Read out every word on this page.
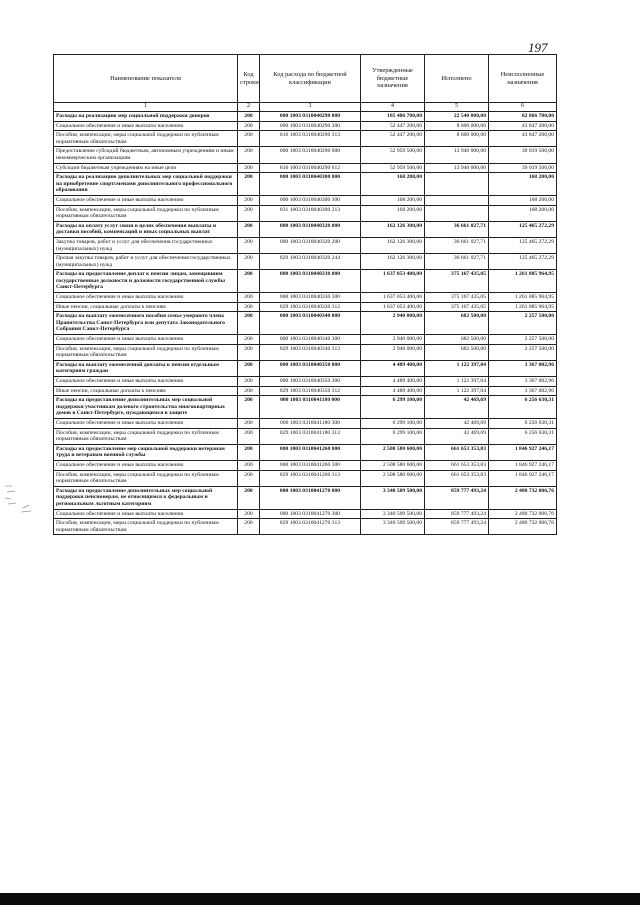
197
Наименование показателя	Код строки	Код расхода по бюджетной классификации	Утвержденные бюджетные назначения	Исполнено	Неисполненные назначения
1	2	3	4	5	6
Расходы на реализацию мер социальной поддержки доноров	200	000 1003 0310040290 000	105 406 700,00	22 540 000,00	82 866 700,00
Социальное обеспечение и иные выплаты населению	200	000 1003 0310040290 300	52 447 200,00	8 600 000,00	43 847 200,00
Пособия, компенсации, меры социальной поддержки по публичным нормативным обязательствам	200	816 1003 0310040290 313	52 447 200,00	8 600 000,00	43 847 200,00
Предоставление субсидий бюджетным, автономным учреждениям и иным некоммерческим организациям	200	000 1003 0310040290 600	52 959 500,00	13 940 000,00	39 019 500,00
Субсидии бюджетным учреждениям на иные цели	200	816 1003 0310040290 612	52 959 500,00	13 940 000,00	39 019 500,00
Расходы на реализацию дополнительных мер социальной поддержки на приобретение спортсменами дополнительного профессионального образования	200	000 1003 0310040300 000	168 200,00		168 200,00
Социальное обеспечение и иные выплаты населению	200	000 1003 0310040300 300	168 200,00		168 200,00
Пособия, компенсации, меры социальной поддержки по публичным нормативным обязательствам	200	831 1003 0310040300 313	168 200,00		168 200,00
Расходы на оплату услуг связи в целях обеспечения выплаты и доставки пособий, компенсаций и иных социальных выплат	200	000 1003 0310040320 000	162 126 300,00	36 661 027,71	125 465 272,29
Закупка товаров, работ и услуг для обеспечения государственных (муниципальных) нужд	200	000 1003 0310040320 200	162 126 300,00	36 661 027,71	125 465 272,29
Прочая закупка товаров, работ и услуг для обеспечения государственных (муниципальных) нужд	200	829 1003 0310040320 244	162 126 300,00	36 661 027,71	125 465 272,29
Расходы на предоставление доплат к пенсии лицам, замещавшим государственные должности и должности государственной службы Санкт-Петербурга	200	000 1003 0310040330 000	1 637 053 400,00	375 167 435,05	1 261 885 964,95
Социальное обеспечение и иные выплаты населению	200	000 1003 0310040330 300	1 637 053 400,00	375 167 435,05	1 261 885 964,95
Иные пенсии, социальные доплаты к пенсиям	200	829 1003 0310040330 312	1 637 053 400,00	375 167 435,05	1 261 885 964,95
Расходы на выплату ежемесячного пособия семье умершего члена Правительства Санкт-Петербурга или депутата Законодательного Собрания Санкт-Петербурга	200	000 1003 0310040340 000	2 940 000,00	682 500,00	2 257 500,00
Социальное обеспечение и иные выплаты населению	200	000 1003 0310040340 300	2 940 000,00	682 500,00	2 257 500,00
Пособия, компенсации, меры социальной поддержки по публичным нормативным обязательствам	200	829 1003 0310040340 313	2 940 000,00	682 500,00	2 257 500,00
Расходы на выплату ежемесячной доплаты к пенсии отдельным категориям граждан	200	000 1003 0310040350 000	4 489 400,00	1 122 397,04	3 367 002,96
Социальное обеспечение и иные выплаты населению	200	000 1003 0310040350 300	4 489 400,00	1 122 397,04	3 367 002,96
Иные пенсии, социальные доплаты к пенсиям	200	829 1003 0310040350 312	4 489 400,00	1 122 397,04	3 367 002,96
Расходы на предоставление дополнительных мер социальной поддержки участникам долевого строительства многоквартирных домов в Санкт-Петербурге, нуждающимся в защите	200	000 1003 0310041180 000	6 299 100,00	42 469,69	6 256 630,31
Социальное обеспечение и иные выплаты населению	200	000 1003 0310041180 300	6 299 100,00	42 469,69	6 256 630,31
Пособия, компенсации, меры социальной поддержки по публичным нормативным обязательствам	200	829 1003 0310041180 313	6 299 100,00	42 469,69	6 256 630,31
Расходы на предоставление мер социальной поддержки ветеранам труда и ветеранам военной службы	200	000 1003 0310041260 000	2 508 580 600,00	661 653 353,83	1 846 927 246,17
Социальное обеспечение и иные выплаты населению	200	000 1003 0310041260 300	2 508 580 600,00	661 653 353,83	1 846 927 246,17
Пособия, компенсации, меры социальной поддержки по публичным нормативным обязательствам	200	829 1003 0310041260 313	2 508 580 600,00	661 653 353,83	1 846 927 246,17
Расходы на предоставление дополнительных мер социальной поддержки пенсионерам, не относящимся к федеральным и региональным льготным категориям	200	000 1003 0310041270 000	3 340 509 500,00	859 777 493,24	2 480 732 006,76
Социальное обеспечение и иные выплаты населению	200	000 1003 0310041270 300	3 340 509 500,00	859 777 493,24	2 480 732 006,76
Пособия, компенсации, меры социальной поддержки по публичным нормативным обязательствам	200	829 1003 0310041270 313	3 340 509 500,00	859 777 493,24	2 480 732 006,76
